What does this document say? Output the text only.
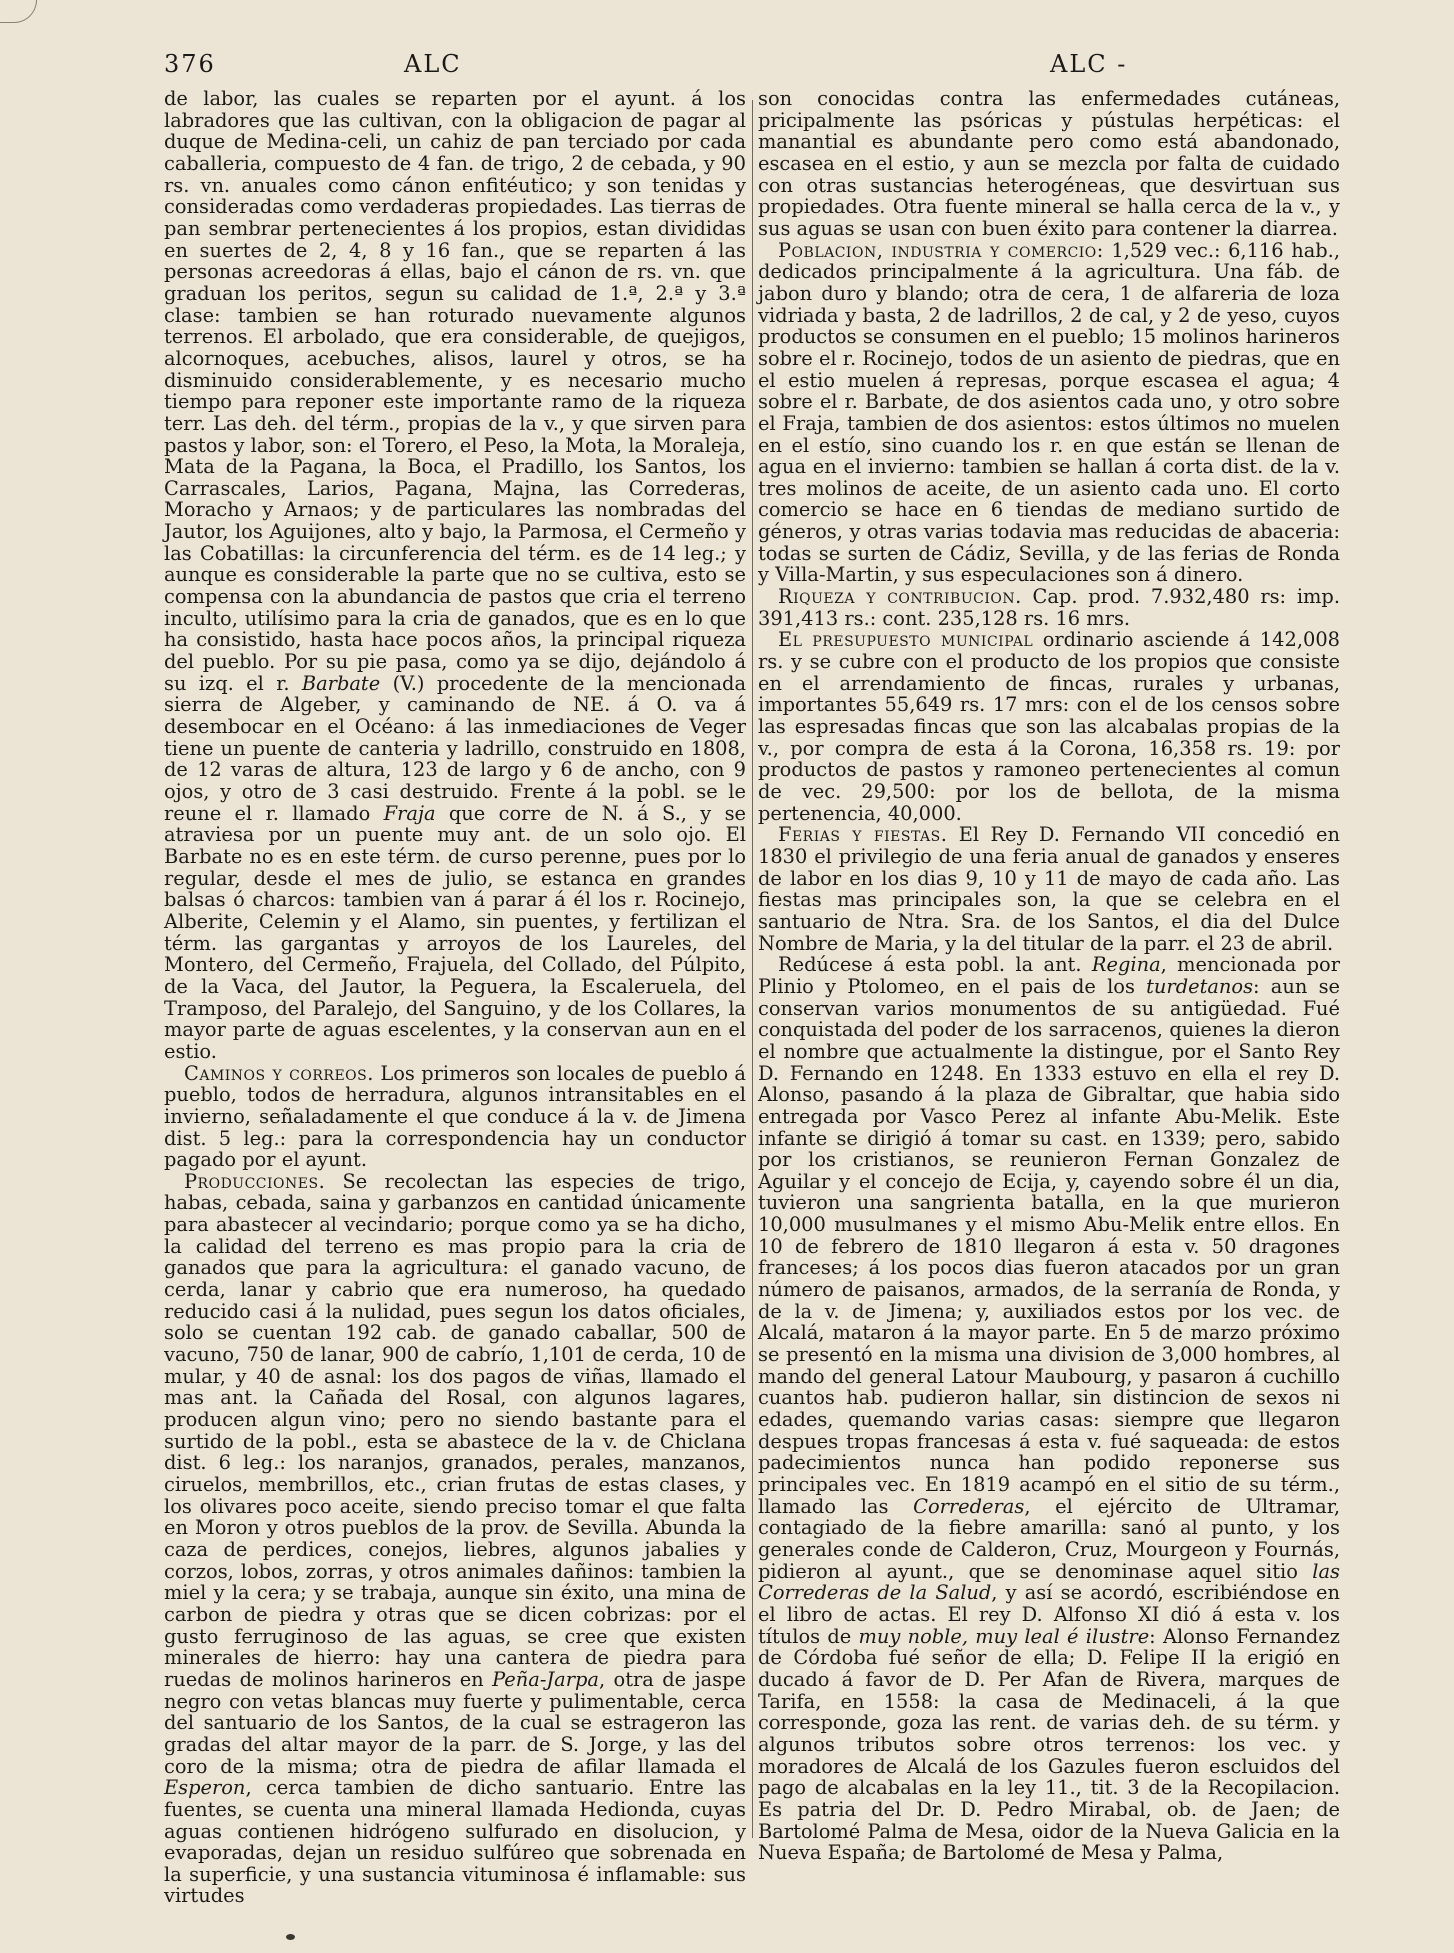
376	ALC	ALC -

de labor, las cuales se reparten por el ayunt. á los labradores que las cultivan, con la obligacion de pagar al duque de Medina-celi, un cahiz de pan terciado por cada caballeria, compuesto de 4 fan. de trigo, 2 de cebada, y 90 rs. vn. anuales como cánon enfitéutico; y son tenidas y consideradas como verdaderas propiedades. Las tierras de pan sembrar pertenecientes á los propios, estan divididas en suertes de 2, 4, 8 y 16 fan., que se reparten á las personas acreedoras á ellas, bajo el cánon de rs. vn. que graduan los peritos, segun su calidad de 1.ª, 2.ª y 3.ª clase: tambien se han roturado nuevamente algunos terrenos. El arbolado, que era considerable, de quejigos, alcornoques, acebuches, alisos, laurel y otros, se ha disminuido considerablemente, y es necesario mucho tiempo para reponer este importante ramo de la riqueza terr. Las deh. del térm., propias de la v., y que sirven para pastos y labor, son: el Torero, el Peso, la Mota, la Moraleja, Mata de la Pagana, la Boca, el Pradillo, los Santos, los Carrascales, Larios, Pagana, Majna, las Correderas, Moracho y Arnaos; y de particulares las nombradas del Jautor, los Aguijones, alto y bajo, la Parmosa, el Cermeño y las Cobatillas: la circunferencia del térm. es de 14 leg.; y aunque es considerable la parte que no se cultiva, esto se compensa con la abundancia de pastos que cria el terreno inculto, utilísimo para la cria de ganados, que es en lo que ha consistido, hasta hace pocos años, la principal riqueza del pueblo. Por su pie pasa, como ya se dijo, dejándolo á su izq. el r. Barbate (V.) procedente de la mencionada sierra de Algeber, y caminando de NE. á O. va á desembocar en el Océano: á las inmediaciones de Veger tiene un puente de canteria y ladrillo, construido en 1808, de 12 varas de altura, 123 de largo y 6 de ancho, con 9 ojos, y otro de 3 casi destruido. Frente á la pobl. se le reune el r. llamado Fraja que corre de N. á S., y se atraviesa por un puente muy ant. de un solo ojo. El Barbate no es en este térm. de curso perenne, pues por lo regular, desde el mes de julio, se estanca en grandes balsas ó charcos: tambien van á parar á él los r. Rocinejo, Alberite, Celemin y el Alamo, sin puentes, y fertilizan el térm. las gargantas y arroyos de los Laureles, del Montero, del Cermeño, Frajuela, del Collado, del Púlpito, de la Vaca, del Jautor, la Peguera, la Escaleruela, del Tramposo, del Paralejo, del Sanguino, y de los Collares, la mayor parte de aguas escelentes, y la conservan aun en el estio.

Caminos y correos. Los primeros son locales de pueblo á pueblo, todos de herradura, algunos intransitables en el invierno, señaladamente el que conduce á la v. de Jimena dist. 5 leg.: para la correspondencia hay un conductor pagado por el ayunt.

Producciones. Se recolectan las especies de trigo, habas, cebada, saina y garbanzos en cantidad únicamente para abastecer al vecindario; porque como ya se ha dicho, la calidad del terreno es mas propio para la cria de ganados que para la agricultura: el ganado vacuno, de cerda, lanar y cabrio que era numeroso, ha quedado reducido casi á la nulidad, pues segun los datos oficiales, solo se cuentan 192 cab. de ganado caballar, 500 de vacuno, 750 de lanar, 900 de cabrío, 1,101 de cerda, 10 de mular, y 40 de asnal: los dos pagos de viñas, llamado el mas ant. la Cañada del Rosal, con algunos lagares, producen algun vino; pero no siendo bastante para el surtido de la pobl., esta se abastece de la v. de Chiclana dist. 6 leg.: los naranjos, granados, perales, manzanos, ciruelos, membrillos, etc., crian frutas de estas clases, y los olivares poco aceite, siendo preciso tomar el que falta en Moron y otros pueblos de la prov. de Sevilla. Abunda la caza de perdices, conejos, liebres, algunos jabalies y corzos, lobos, zorras, y otros animales dañinos: tambien la miel y la cera; y se trabaja, aunque sin éxito, una mina de carbon de piedra y otras que se dicen cobrizas: por el gusto ferruginoso de las aguas, se cree que existen minerales de hierro: hay una cantera de piedra para ruedas de molinos harineros en Peña-Jarpa, otra de jaspe negro con vetas blancas muy fuerte y pulimentable, cerca del santuario de los Santos, de la cual se estrageron las gradas del altar mayor de la parr. de S. Jorge, y las del coro de la misma; otra de piedra de afilar llamada el Esperon, cerca tambien de dicho santuario. Entre las fuentes, se cuenta una mineral llamada Hedionda, cuyas aguas contienen hidrógeno sulfurado en disolucion, y evaporadas, dejan un residuo sulfúreo que sobrenada en la superficie, y una sustancia vituminosa é inflamable: sus virtudes

son conocidas contra las enfermedades cutáneas, pricipalmente las psóricas y pústulas herpéticas: el manantial es abundante pero como está abandonado, escasea en el estio, y aun se mezcla por falta de cuidado con otras sustancias heterogéneas, que desvirtuan sus propiedades. Otra fuente mineral se halla cerca de la v., y sus aguas se usan con buen éxito para contener la diarrea.

Poblacion, industria y comercio: 1,529 vec.: 6,116 hab., dedicados principalmente á la agricultura. Una fáb. de jabon duro y blando; otra de cera, 1 de alfareria de loza vidriada y basta, 2 de ladrillos, 2 de cal, y 2 de yeso, cuyos productos se consumen en el pueblo; 15 molinos harineros sobre el r. Rocinejo, todos de un asiento de piedras, que en el estio muelen á represas, porque escasea el agua; 4 sobre el r. Barbate, de dos asientos cada uno, y otro sobre el Fraja, tambien de dos asientos: estos últimos no muelen en el estío, sino cuando los r. en que están se llenan de agua en el invierno: tambien se hallan á corta dist. de la v. tres molinos de aceite, de un asiento cada uno. El corto comercio se hace en 6 tiendas de mediano surtido de géneros, y otras varias todavia mas reducidas de abaceria: todas se surten de Cádiz, Sevilla, y de las ferias de Ronda y Villa-Martin, y sus especulaciones son á dinero.

Riqueza y contribucion. Cap. prod. 7.932,480 rs: imp. 391,413 rs.: cont. 235,128 rs. 16 mrs.

El presupuesto municipal ordinario asciende á 142,008 rs. y se cubre con el producto de los propios que consiste en el arrendamiento de fincas, rurales y urbanas, importantes 55,649 rs. 17 mrs: con el de los censos sobre las espresadas fincas que son las alcabalas propias de la v., por compra de esta á la Corona, 16,358 rs. 19: por productos de pastos y ramoneo pertenecientes al comun de vec. 29,500: por los de bellota, de la misma pertenencia, 40,000.

Ferias y fiestas. El Rey D. Fernando VII concedió en 1830 el privilegio de una feria anual de ganados y enseres de labor en los dias 9, 10 y 11 de mayo de cada año. Las fiestas mas principales son, la que se celebra en el santuario de Ntra. Sra. de los Santos, el dia del Dulce Nombre de Maria, y la del titular de la parr. el 23 de abril.

Redúcese á esta pobl. la ant. Regina, mencionada por Plinio y Ptolomeo, en el pais de los turdetanos: aun se conservan varios monumentos de su antigüedad. Fué conquistada del poder de los sarracenos, quienes la dieron el nombre que actualmente la distingue, por el Santo Rey D. Fernando en 1248. En 1333 estuvo en ella el rey D. Alonso, pasando á la plaza de Gibraltar, que habia sido entregada por Vasco Perez al infante Abu-Melik. Este infante se dirigió á tomar su cast. en 1339; pero, sabido por los cristianos, se reunieron Fernan Gonzalez de Aguilar y el concejo de Ecija, y, cayendo sobre él un dia, tuvieron una sangrienta batalla, en la que murieron 10,000 musulmanes y el mismo Abu-Melik entre ellos. En 10 de febrero de 1810 llegaron á esta v. 50 dragones franceses; á los pocos dias fueron atacados por un gran número de paisanos, armados, de la serranía de Ronda, y de la v. de Jimena; y, auxiliados estos por los vec. de Alcalá, mataron á la mayor parte. En 5 de marzo próximo se presentó en la misma una division de 3,000 hombres, al mando del general Latour Maubourg, y pasaron á cuchillo cuantos hab. pudieron hallar, sin distincion de sexos ni edades, quemando varias casas: siempre que llegaron despues tropas francesas á esta v. fué saqueada: de estos padecimientos nunca han podido reponerse sus principales vec. En 1819 acampó en el sitio de su térm., llamado las Correderas, el ejército de Ultramar, contagiado de la fiebre amarilla: sanó al punto, y los generales conde de Calderon, Cruz, Mourgeon y Fournás, pidieron al ayunt., que se denominase aquel sitio las Correderas de la Salud, y así se acordó, escribiéndose en el libro de actas. El rey D. Alfonso XI dió á esta v. los títulos de muy noble, muy leal é ilustre: Alonso Fernandez de Córdoba fué señor de ella; D. Felipe II la erigió en ducado á favor de D. Per Afan de Rivera, marques de Tarifa, en 1558: la casa de Medinaceli, á la que corresponde, goza las rent. de varias deh. de su térm. y algunos tributos sobre otros terrenos: los vec. y moradores de Alcalá de los Gazules fueron escluidos del pago de alcabalas en la ley 11., tit. 3 de la Recopilacion. Es patria del Dr. D. Pedro Mirabal, ob. de Jaen; de Bartolomé Palma de Mesa, oidor de la Nueva Galicia en la Nueva España; de Bartolomé de Mesa y Palma,
